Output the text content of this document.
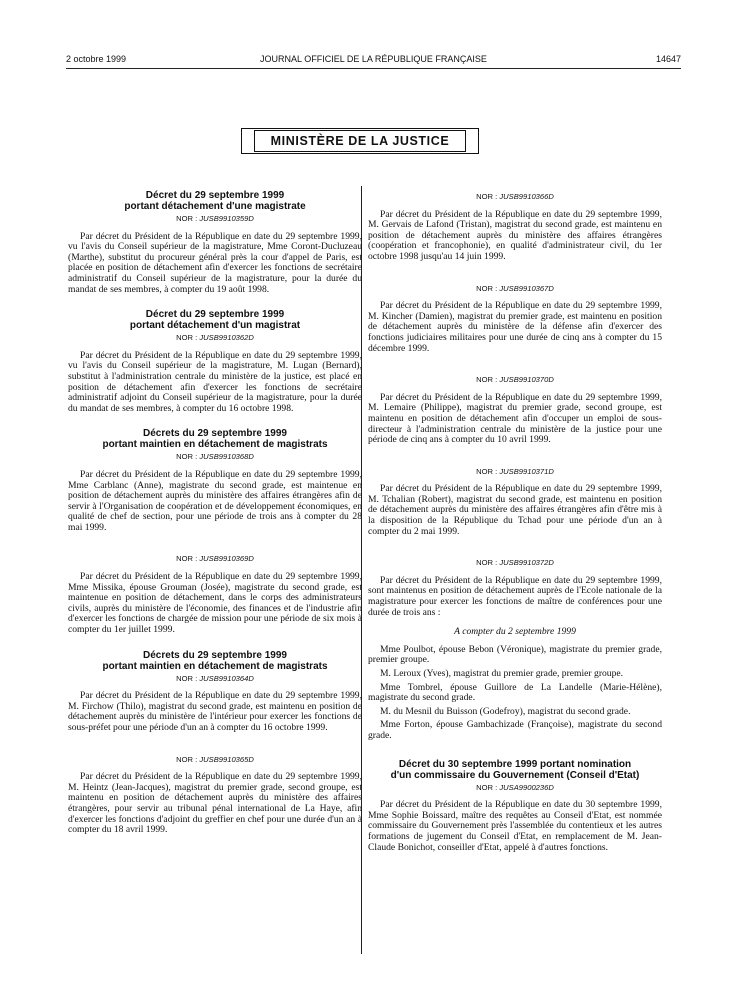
2 octobre 1999	JOURNAL OFFICIEL DE LA RÉPUBLIQUE FRANÇAISE	14647
MINISTÈRE DE LA JUSTICE

Décret du 29 septembre 1999

portant détachement d'une magistrate

NOR : JUSB9910359D

Par décret du Président de la République en date du 29 septembre 1999, vu l'avis du Conseil supérieur de la magistrature, Mme Coront-Ducluzeau (Marthe), substitut du procureur général près la cour d'appel de Paris, est placée en position de détachement afin d'exercer les fonctions de secrétaire administratif du Conseil supérieur de la magistrature, pour la durée du mandat de ses membres, à compter du 19 août 1998.

Décret du 29 septembre 1999

portant détachement d'un magistrat

NOR : JUSB9910362D

Par décret du Président de la République en date du 29 septembre 1999, vu l'avis du Conseil supérieur de la magistrature, M. Lugan (Bernard), substitut à l'administration centrale du ministère de la justice, est placé en position de détachement afin d'exercer les fonctions de secrétaire administratif adjoint du Conseil supérieur de la magistrature, pour la durée du mandat de ses membres, à compter du 16 octobre 1998.

Décrets du 29 septembre 1999

portant maintien en détachement de magistrats

NOR : JUSB9910368D

Par décret du Président de la République en date du 29 septembre 1999, Mme Carblanc (Anne), magistrate du second grade, est maintenue en position de détachement auprès du ministère des affaires étrangères afin de servir à l'Organisation de coopération et de développement économiques, en qualité de chef de section, pour une période de trois ans à compter du 28 mai 1999.

NOR : JUSB9910369D

Par décret du Président de la République en date du 29 septembre 1999, Mme Missika, épouse Grouman (Josée), magistrate du second grade, est maintenue en position de détachement, dans le corps des administrateurs civils, auprès du ministère de l'économie, des finances et de l'industrie afin d'exercer les fonctions de chargée de mission pour une période de six mois à compter du 1er juillet 1999.

Décrets du 29 septembre 1999

portant maintien en détachement de magistrats

NOR : JUSB9910364D

Par décret du Président de la République en date du 29 septembre 1999, M. Firchow (Thilo), magistrat du second grade, est maintenu en position de détachement auprès du ministère de l'intérieur pour exercer les fonctions de sous-préfet pour une période d'un an à compter du 16 octobre 1999.

NOR : JUSB9910365D

Par décret du Président de la République en date du 29 septembre 1999, M. Heintz (Jean-Jacques), magistrat du premier grade, second groupe, est maintenu en position de détachement auprès du ministère des affaires étrangères, pour servir au tribunal pénal international de La Haye, afin d'exercer les fonctions d'adjoint du greffier en chef pour une durée d'un an à compter du 18 avril 1999.

NOR : JUSB9910366D

Par décret du Président de la République en date du 29 septembre 1999, M. Gervais de Lafond (Tristan), magistrat du second grade, est maintenu en position de détachement auprès du ministère des affaires étrangères (coopération et francophonie), en qualité d'administrateur civil, du 1er octobre 1998 jusqu'au 14 juin 1999.

NOR : JUSB9910367D

Par décret du Président de la République en date du 29 septembre 1999, M. Kincher (Damien), magistrat du premier grade, est maintenu en position de détachement auprès du ministère de la défense afin d'exercer des fonctions judiciaires militaires pour une durée de cinq ans à compter du 15 décembre 1999.

NOR : JUSB9910370D

Par décret du Président de la République en date du 29 septembre 1999, M. Lemaire (Philippe), magistrat du premier grade, second groupe, est maintenu en position de détachement afin d'occuper un emploi de sous-directeur à l'administration centrale du ministère de la justice pour une période de cinq ans à compter du 10 avril 1999.

NOR : JUSB9910371D

Par décret du Président de la République en date du 29 septembre 1999, M. Tchalian (Robert), magistrat du second grade, est maintenu en position de détachement auprès du ministère des affaires étrangères afin d'être mis à la disposition de la République du Tchad pour une période d'un an à compter du 2 mai 1999.

NOR : JUSB9910372D

Par décret du Président de la République en date du 29 septembre 1999, sont maintenus en position de détachement auprès de l'Ecole nationale de la magistrature pour exercer les fonctions de maître de conférences pour une durée de trois ans :

A compter du 2 septembre 1999

Mme Poulbot, épouse Bebon (Véronique), magistrate du premier grade, premier groupe.

M. Leroux (Yves), magistrat du premier grade, premier groupe.

Mme Tombrel, épouse Guillore de La Landelle (Marie-Hélène), magistrate du second grade.

M. du Mesnil du Buisson (Godefroy), magistrat du second grade.

Mme Forton, épouse Gambachizade (Françoise), magistrate du second grade.

Décret du 30 septembre 1999 portant nomination

d'un commissaire du Gouvernement (Conseil d'Etat)

NOR : JUSA9900236D

Par décret du Président de la République en date du 30 septembre 1999, Mme Sophie Boissard, maître des requêtes au Conseil d'Etat, est nommée commissaire du Gouvernement près l'assemblée du contentieux et les autres formations de jugement du Conseil d'Etat, en remplacement de M. Jean-Claude Bonichot, conseiller d'Etat, appelé à d'autres fonctions.
